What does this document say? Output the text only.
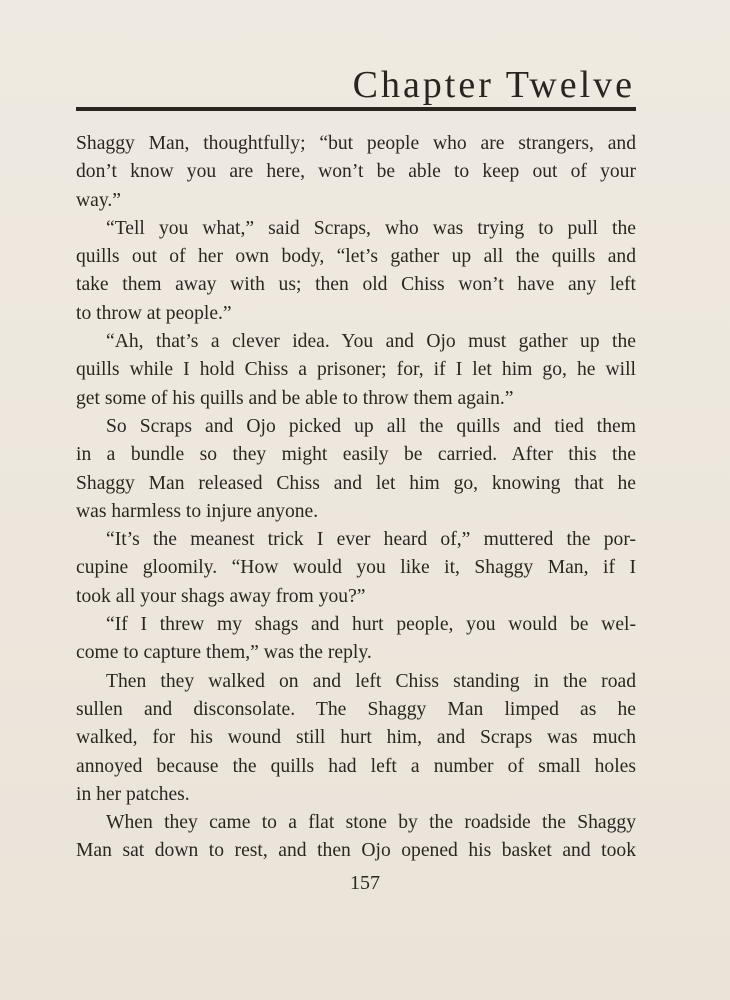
Chapter Twelve
Shaggy Man, thoughtfully; “but people who are strangers, and
don’t know you are here, won’t be able to keep out of your
way.”
“Tell you what,” said Scraps, who was trying to pull the
quills out of her own body, “let’s gather up all the quills and
take them away with us; then old Chiss won’t have any left
to throw at people.”
“Ah, that’s a clever idea. You and Ojo must gather up the
quills while I hold Chiss a prisoner; for, if I let him go, he will
get some of his quills and be able to throw them again.”
So Scraps and Ojo picked up all the quills and tied them
in a bundle so they might easily be carried. After this the
Shaggy Man released Chiss and let him go, knowing that he
was harmless to injure anyone.
“It’s the meanest trick I ever heard of,” muttered the por-
cupine gloomily. “How would you like it, Shaggy Man, if I
took all your shags away from you?”
“If I threw my shags and hurt people, you would be wel-
come to capture them,” was the reply.
Then they walked on and left Chiss standing in the road
sullen and disconsolate. The Shaggy Man limped as he
walked, for his wound still hurt him, and Scraps was much
annoyed because the quills had left a number of small holes
in her patches.
When they came to a flat stone by the roadside the Shaggy
Man sat down to rest, and then Ojo opened his basket and took
157
